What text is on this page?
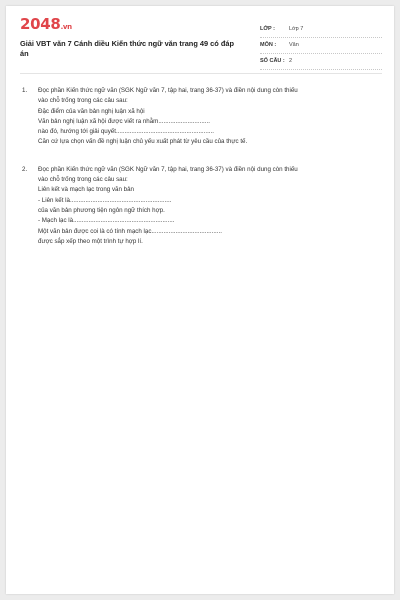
2048.vn
Giải VBT văn 7 Cánh diều Kiến thức ngữ văn trang 49 có đáp án
LỚP :	Lớp 7
MÔN : Văn
SỐ CÂU : 2
1. Đọc phần Kiến thức ngữ văn (SGK Ngữ văn 7, tập hai, trang 36-37) và điền nội dung còn thiếu
vào chỗ trống trong các câu sau:
Đặc điểm của văn bản nghị luận xã hội
Văn bản nghị luận xã hội được viết ra nhằm..............................
nào đó, hướng tới giải quyết.........................................................
Căn cứ lựa chọn vấn đề nghị luận chủ yếu xuất phát từ yêu cầu của thực tế.
2. Đọc phần Kiến thức ngữ văn (SGK Ngữ văn 7, tập hai, trang 36-37) và điền nội dung còn thiếu
vào chỗ trống trong các câu sau:
Liên kết và mạch lạc trong văn bản
- Liên kết là...........................................................
của văn bản phương tiện ngôn ngữ thích hợp.
- Mạch lạc là...........................................................
Một văn bản được coi là có tính mạch lạc.........................................
được sắp xếp theo một trình tự hợp lí.
